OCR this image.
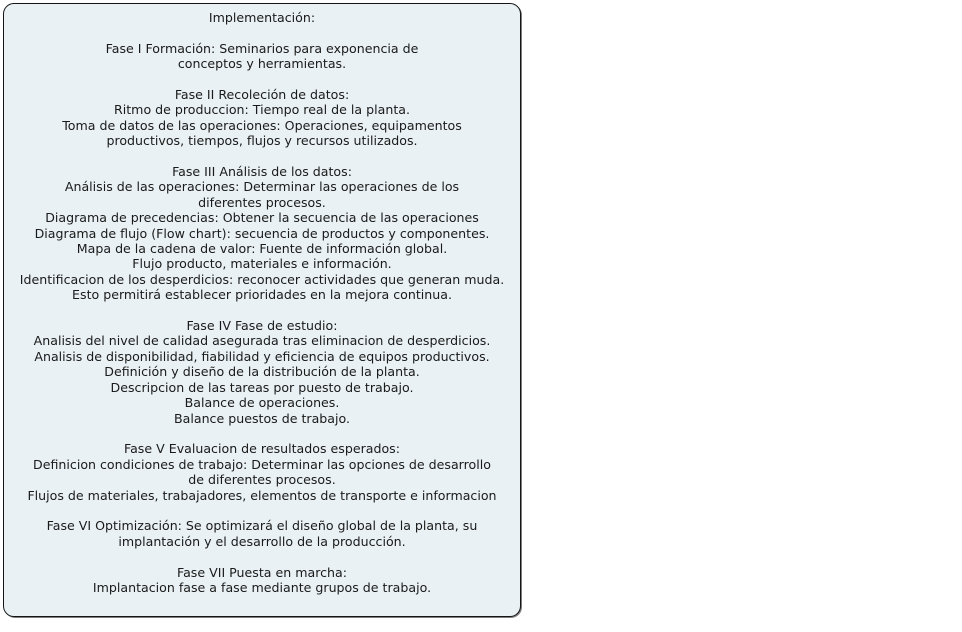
Implementación:
Fase I Formación: Seminarios para exponencia de
conceptos y herramientas.
Fase II Recoleción de datos:
Ritmo de produccion: Tiempo real de la planta.
Toma de datos de las operaciones: Operaciones, equipamentos
productivos, tiempos, flujos y recursos utilizados.
Fase III Análisis de los datos:
Análisis de las operaciones: Determinar las operaciones de los
diferentes procesos.
Diagrama de precedencias: Obtener la secuencia de las operaciones
Diagrama de flujo (Flow chart): secuencia de productos y componentes.
Mapa de la cadena de valor: Fuente de información global.
Flujo producto, materiales e información.
Identificacion de los desperdicios: reconocer actividades que generan muda.
Esto permitirá establecer prioridades en la mejora continua.
Fase IV Fase de estudio:
Analisis del nivel de calidad asegurada tras eliminacion de desperdicios.
Analisis de disponibilidad, fiabilidad y eficiencia de equipos productivos.
Definición y diseño de la distribución de la planta.
Descripcion de las tareas por puesto de trabajo.
Balance de operaciones.
Balance puestos de trabajo.
Fase V Evaluacion de resultados esperados:
Definicion condiciones de trabajo: Determinar las opciones de desarrollo
de diferentes procesos.
Flujos de materiales, trabajadores, elementos de transporte e informacion
Fase VI Optimización: Se optimizará el diseño global de la planta, su
implantación y el desarrollo de la producción.
Fase VII Puesta en marcha:
Implantacion fase a fase mediante grupos de trabajo.
